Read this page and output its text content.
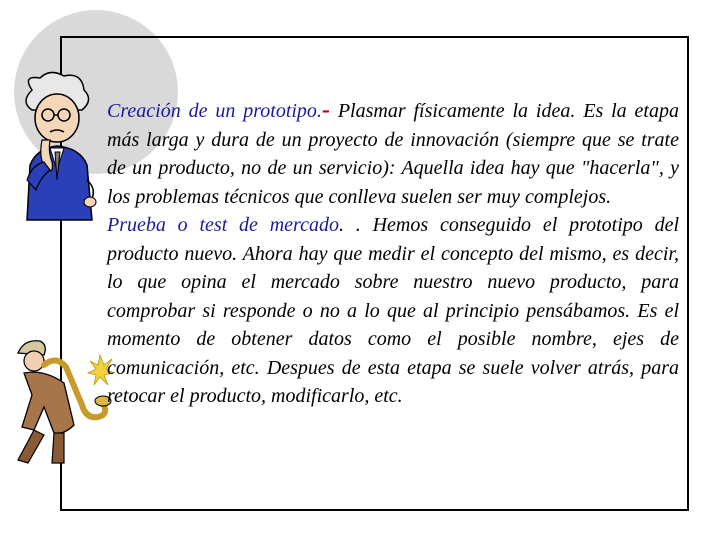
Creación de un prototipo.- Plasmar físicamente la idea. Es la etapa más larga y dura de un proyecto de innovación (siempre que se trate de un producto, no de un servicio): Aquella idea hay que "hacerla", y los problemas técnicos que conlleva suelen ser muy complejos.

Prueba o test de mercado. . Hemos conseguido el prototipo del producto nuevo. Ahora hay que medir el concepto del mismo, es decir, lo que opina el mercado sobre nuestro nuevo producto, para comprobar si responde o no a lo que al principio pensábamos. Es el momento de obtener datos como el posible nombre, ejes de comunicación, etc. Despues de esta etapa se suele volver atrás, para retocar el producto, modificarlo, etc.
